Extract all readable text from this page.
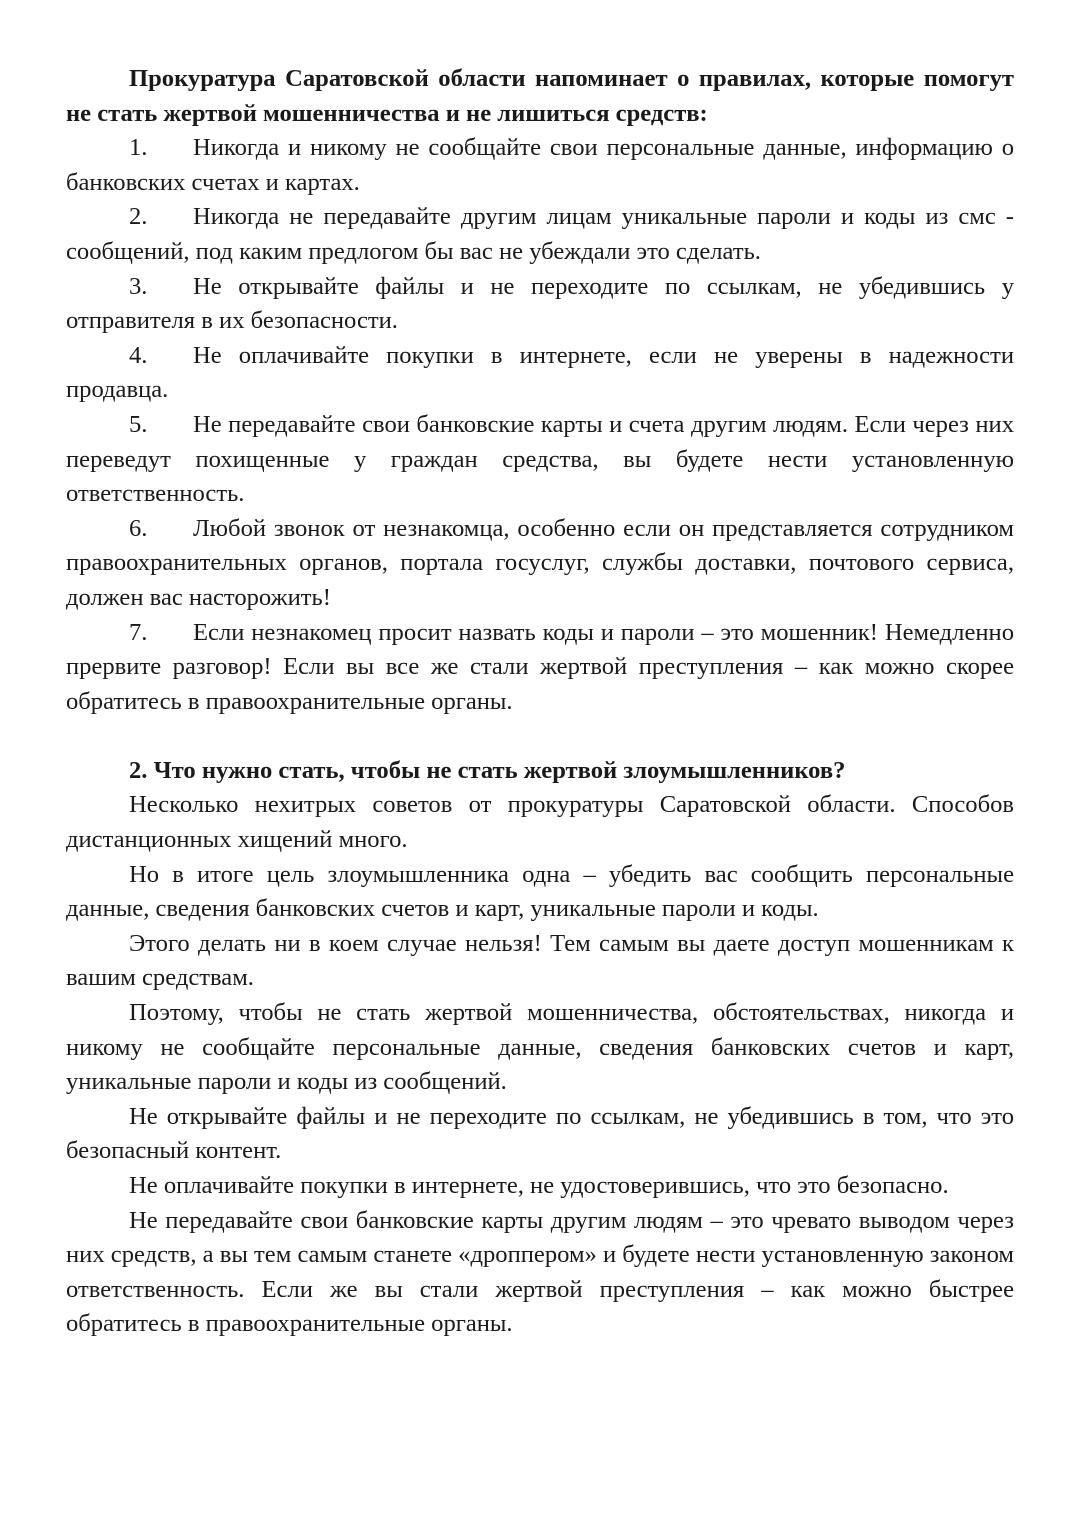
Прокуратура Саратовской области напоминает о правилах, которые помогут не стать жертвой мошенничества и не лишиться средств:

1. Никогда и никому не сообщайте свои персональные данные, информацию о банковских счетах и картах.

2. Никогда не передавайте другим лицам уникальные пароли и коды из смс - сообщений, под каким предлогом бы вас не убеждали это сделать.

3. Не открывайте файлы и не переходите по ссылкам, не убедившись у отправителя в их безопасности.

4. Не оплачивайте покупки в интернете, если не уверены в надежности продавца.

5. Не передавайте свои банковские карты и счета другим людям. Если через них переведут похищенные у граждан средства, вы будете нести установленную ответственность.

6. Любой звонок от незнакомца, особенно если он представляется сотрудником правоохранительных органов, портала госуслуг, службы доставки, почтового сервиса, должен вас насторожить!

7. Если незнакомец просит назвать коды и пароли – это мошенник! Немедленно прервите разговор! Если вы все же стали жертвой преступления – как можно скорее обратитесь в правоохранительные органы.

2. Что нужно стать, чтобы не стать жертвой злоумышленников?

Несколько нехитрых советов от прокуратуры Саратовской области. Способов дистанционных хищений много.

Но в итоге цель злоумышленника одна – убедить вас сообщить персональные данные, сведения банковских счетов и карт, уникальные пароли и коды.

Этого делать ни в коем случае нельзя! Тем самым вы даете доступ мошенникам к вашим средствам.

Поэтому, чтобы не стать жертвой мошенничества, обстоятельствах, никогда и никому не сообщайте персональные данные, сведения банковских счетов и карт, уникальные пароли и коды из сообщений.

Не открывайте файлы и не переходите по ссылкам, не убедившись в том, что это безопасный контент.

Не оплачивайте покупки в интернете, не удостоверившись, что это безопасно.

Не передавайте свои банковские карты другим людям – это чревато выводом через них средств, а вы тем самым станете «дроппером» и будете нести установленную законом ответственность. Если же вы стали жертвой преступления – как можно быстрее обратитесь в правоохранительные органы.
